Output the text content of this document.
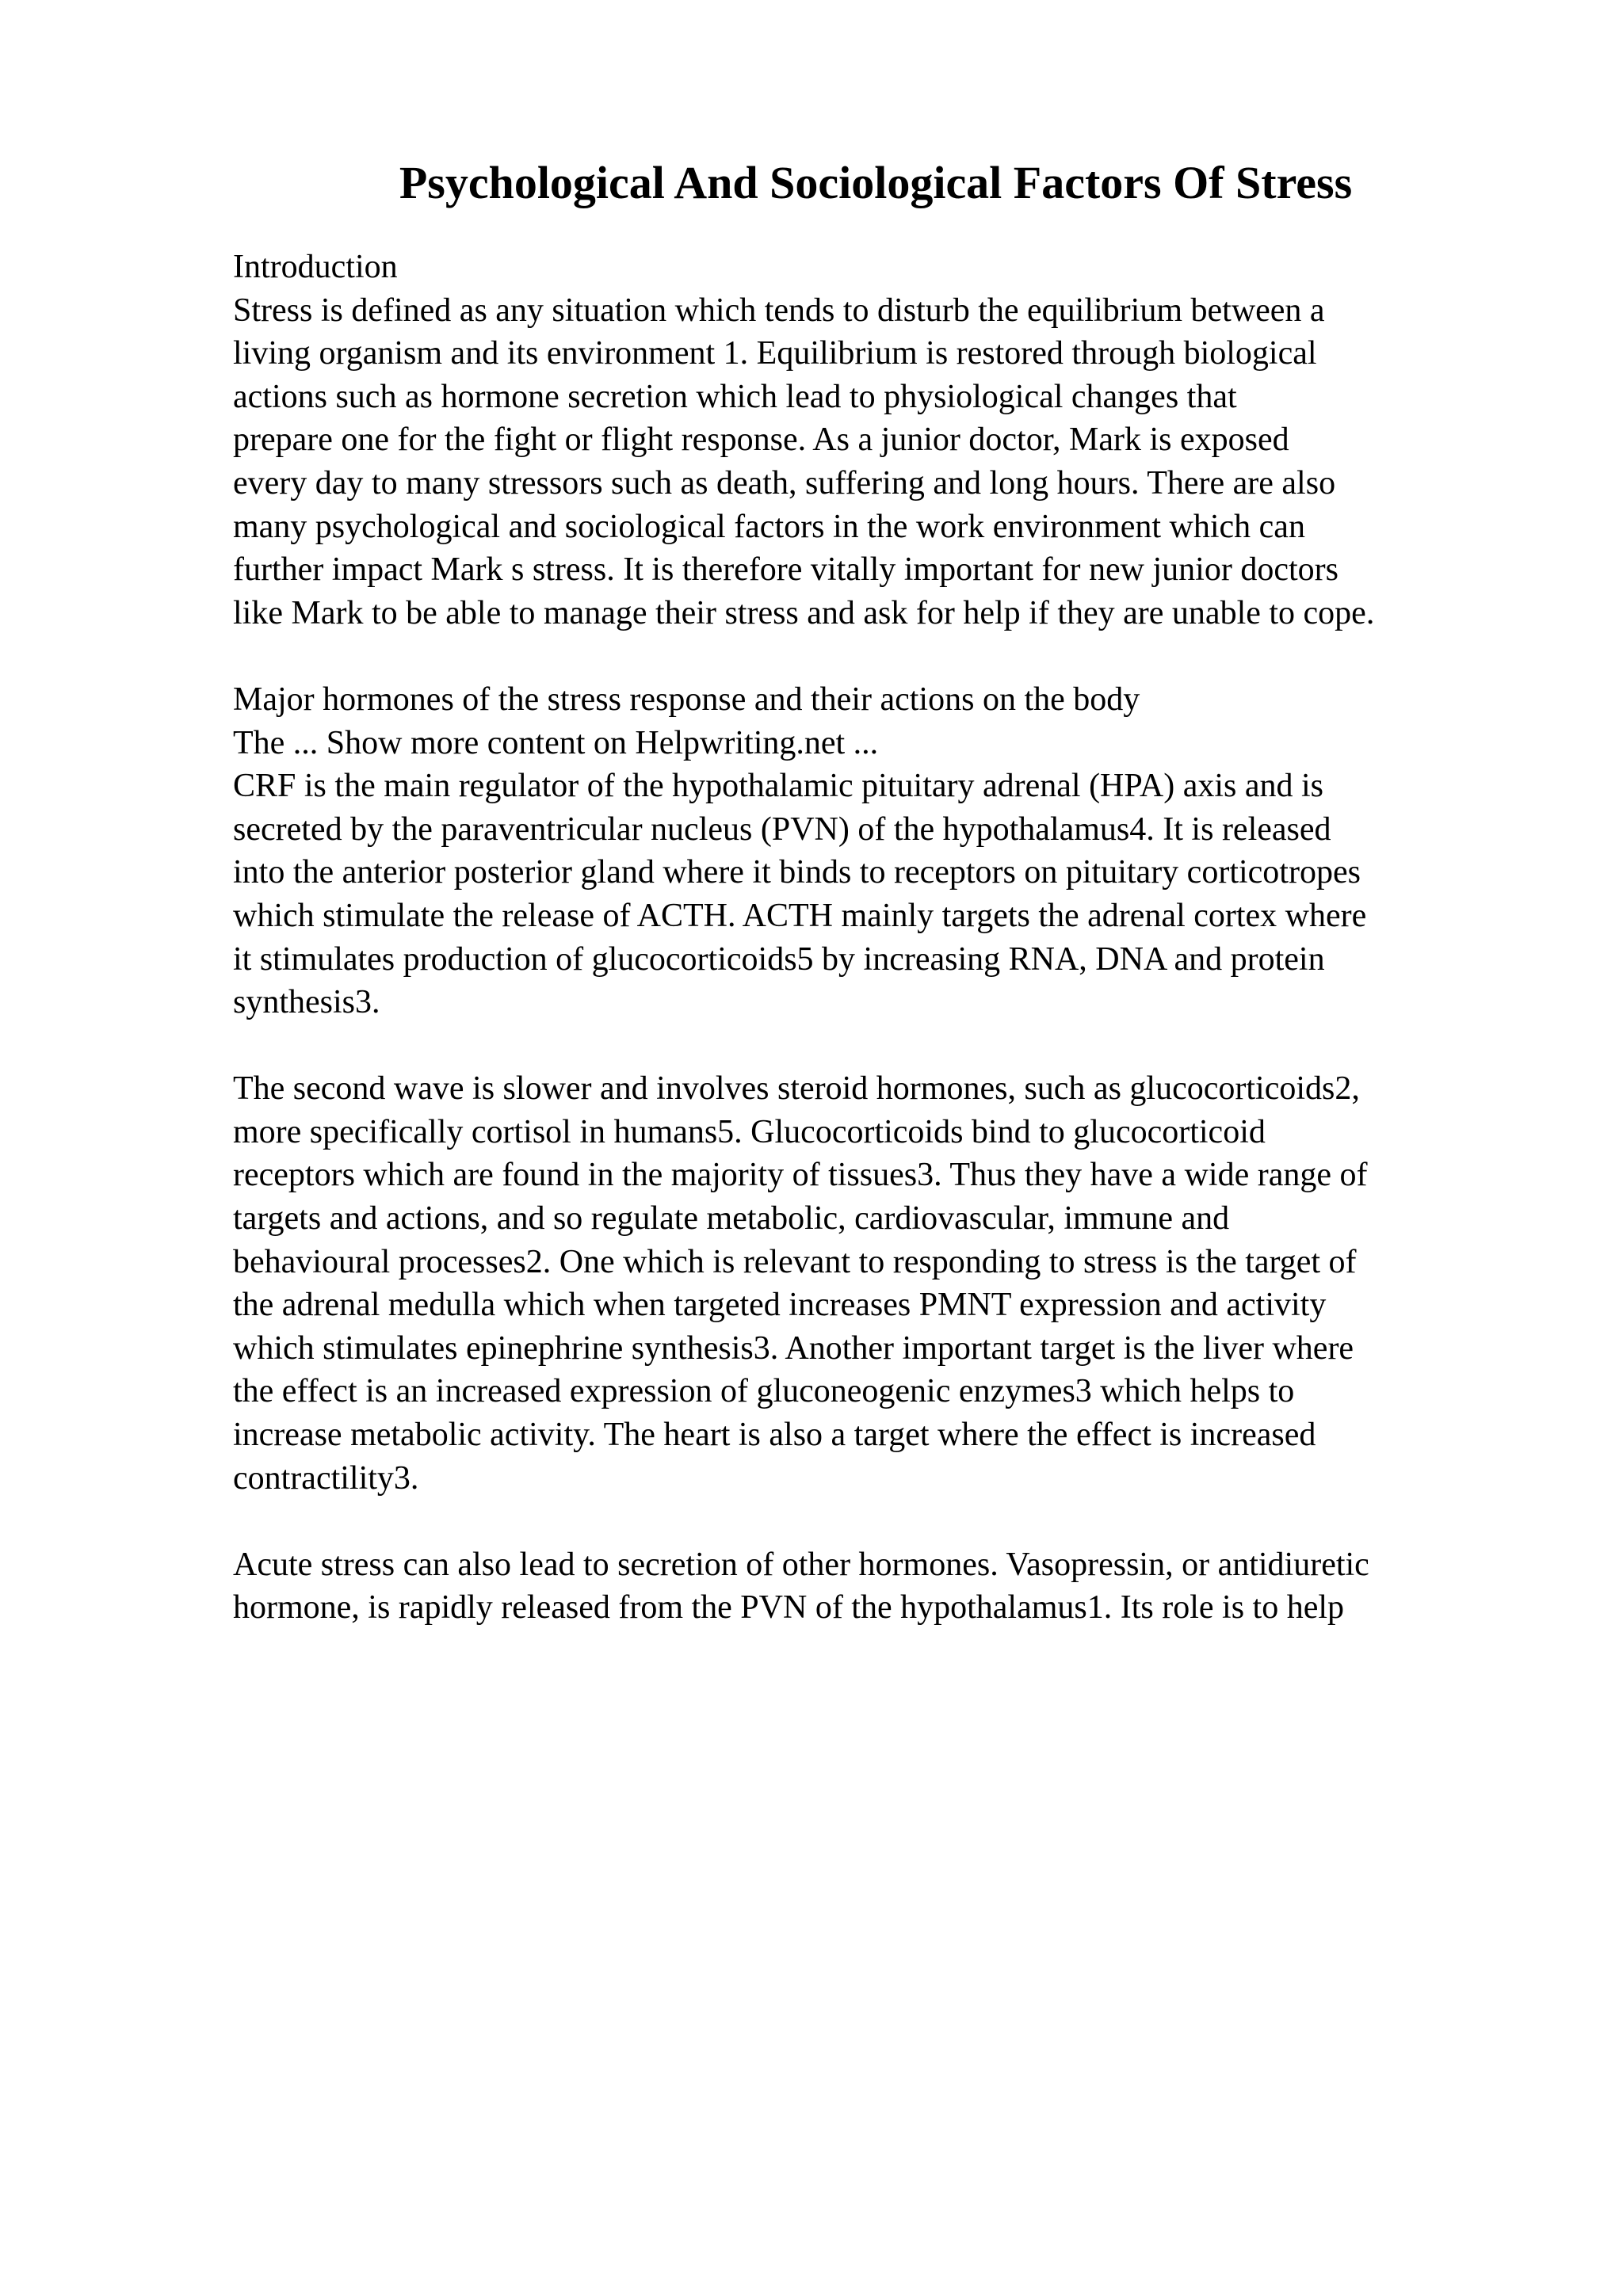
Psychological And Sociological Factors Of Stress
Introduction
Stress is defined as any situation which tends to disturb the equilibrium between a
living organism and its environment 1. Equilibrium is restored through biological
actions such as hormone secretion which lead to physiological changes that
prepare one for the fight or flight response. As a junior doctor, Mark is exposed
every day to many stressors such as death, suffering and long hours. There are also
many psychological and sociological factors in the work environment which can
further impact Mark s stress. It is therefore vitally important for new junior doctors
like Mark to be able to manage their stress and ask for help if they are unable to cope.
Major hormones of the stress response and their actions on the body
The ... Show more content on Helpwriting.net ...
CRF is the main regulator of the hypothalamic pituitary adrenal (HPA) axis and is
secreted by the paraventricular nucleus (PVN) of the hypothalamus4. It is released
into the anterior posterior gland where it binds to receptors on pituitary corticotropes
which stimulate the release of ACTH. ACTH mainly targets the adrenal cortex where
it stimulates production of glucocorticoids5 by increasing RNA, DNA and protein
synthesis3.
The second wave is slower and involves steroid hormones, such as glucocorticoids2,
more specifically cortisol in humans5. Glucocorticoids bind to glucocorticoid
receptors which are found in the majority of tissues3. Thus they have a wide range of
targets and actions, and so regulate metabolic, cardiovascular, immune and
behavioural processes2. One which is relevant to responding to stress is the target of
the adrenal medulla which when targeted increases PMNT expression and activity
which stimulates epinephrine synthesis3. Another important target is the liver where
the effect is an increased expression of gluconeogenic enzymes3 which helps to
increase metabolic activity. The heart is also a target where the effect is increased
contractility3.
Acute stress can also lead to secretion of other hormones. Vasopressin, or antidiuretic
hormone, is rapidly released from the PVN of the hypothalamus1. Its role is to help
